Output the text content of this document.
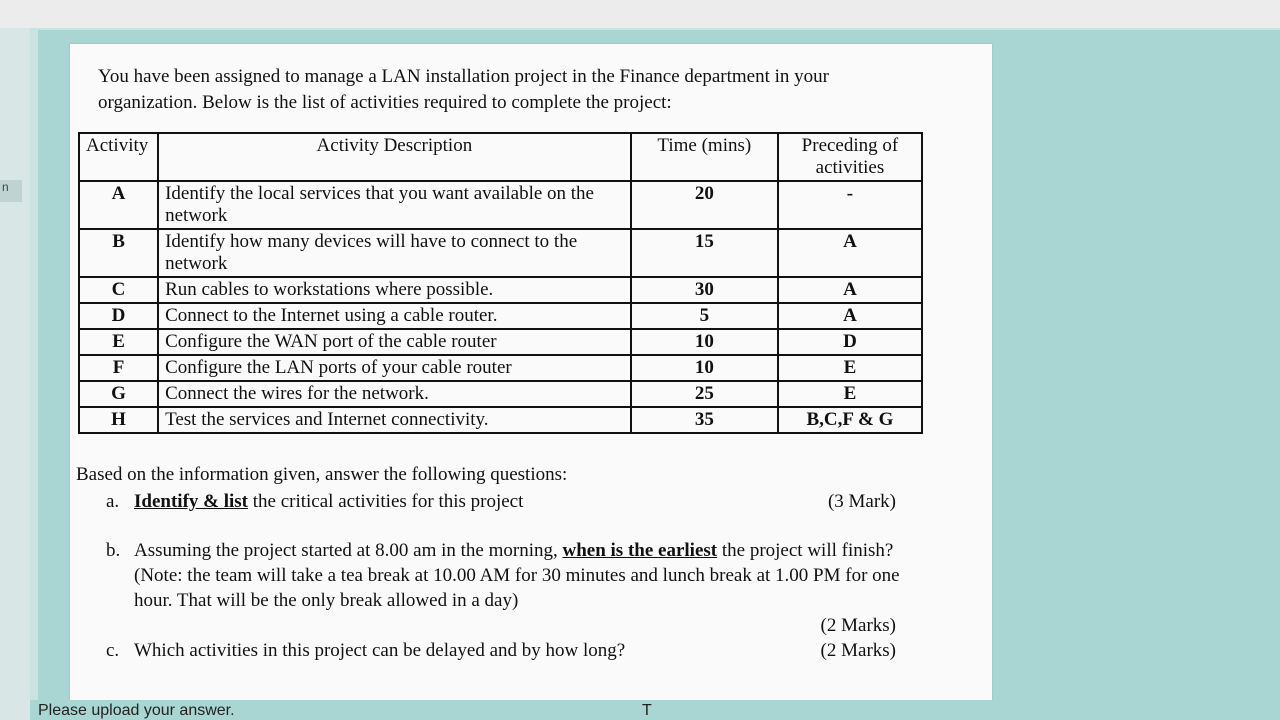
n
You have been assigned to manage a LAN installation project in the Finance department in your
organization. Below is the list of activities required to complete the project:
Activity	Activity Description	Time (mins)	Preceding of activities
A	Identify the local services that you want available on the network	20	-
B	Identify how many devices will have to connect to the network	15	A
C	Run cables to workstations where possible.	30	A
D	Connect to the Internet using a cable router.	5	A
E	Configure the WAN port of the cable router	10	D
F	Configure the LAN ports of your cable router	10	E
G	Connect the wires for the network.	25	E
H	Test the services and Internet connectivity.	35	B,C,F & G

Based on the information given, answer the following questions:

a. Identify & list the critical activities for this project	(3 Mark)

b. Assuming the project started at 8.00 am in the morning, when is the earliest the project will finish? (Note: the team will take a tea break at 10.00 AM for 30 minutes and lunch break at 1.00 PM for one hour. That will be the only break allowed in a day)

(2 Marks)

c. Which activities in this project can be delayed and by how long?	(2 Marks)

Please upload your answer.	T
